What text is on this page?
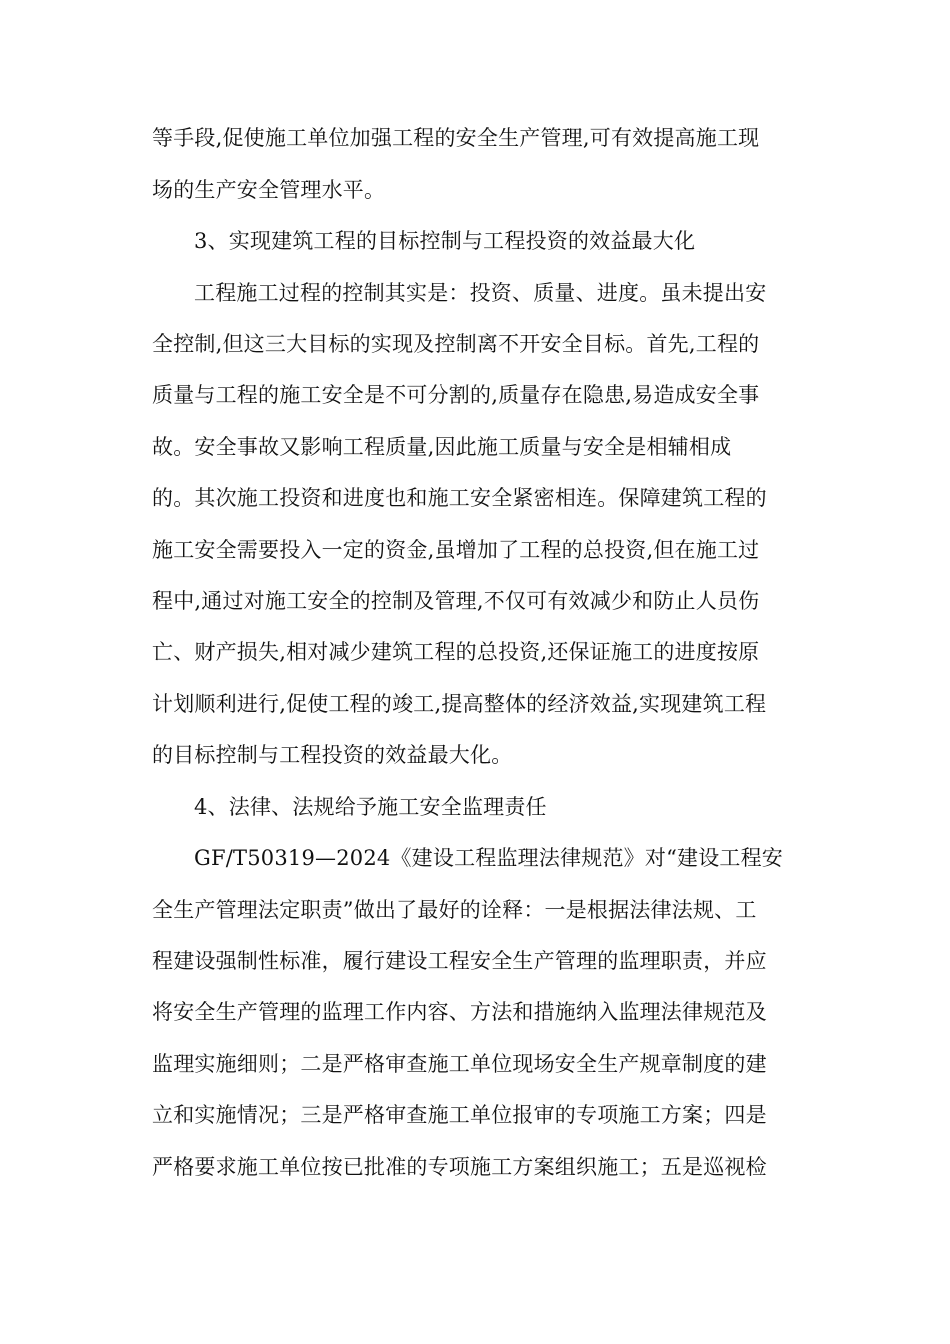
等手段,促使施工单位加强工程的安全生产管理,可有效提高施工现
场的生产安全管理水平。
3、实现建筑工程的目标控制与工程投资的效益最大化
工程施工过程的控制其实是：投资、质量、进度。虽未提出安
全控制,但这三大目标的实现及控制离不开安全目标。首先,工程的
质量与工程的施工安全是不可分割的,质量存在隐患,易造成安全事
故。安全事故又影响工程质量,因此施工质量与安全是相辅相成
的。其次施工投资和进度也和施工安全紧密相连。保障建筑工程的
施工安全需要投入一定的资金,虽增加了工程的总投资,但在施工过
程中,通过对施工安全的控制及管理,不仅可有效减少和防止人员伤
亡、财产损失,相对减少建筑工程的总投资,还保证施工的进度按原
计划顺利进行,促使工程的竣工,提高整体的经济效益,实现建筑工程
的目标控制与工程投资的效益最大化。
4、法律、法规给予施工安全监理责任
GF/T50319—2024《建设工程监理法律规范》对“建设工程安
全生产管理法定职责”做出了最好的诠释：一是根据法律法规、工
程建设强制性标准，履行建设工程安全生产管理的监理职责，并应
将安全生产管理的监理工作内容、方法和措施纳入监理法律规范及
监理实施细则；二是严格审查施工单位现场安全生产规章制度的建
立和实施情况；三是严格审查施工单位报审的专项施工方案；四是
严格要求施工单位按已批准的专项施工方案组织施工；五是巡视检
